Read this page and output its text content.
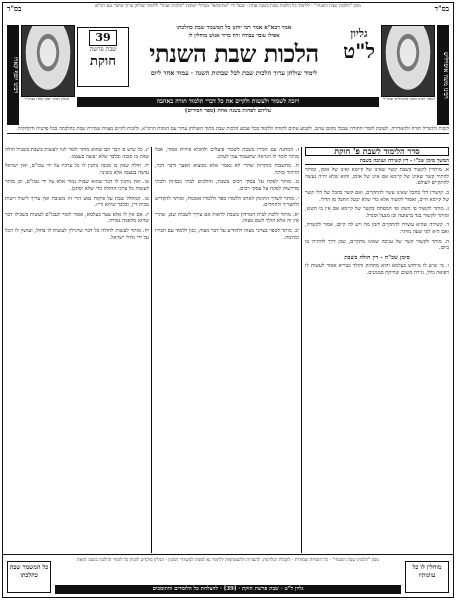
בס"ד
בס"ד	מכון "הלכות שבת השנתי" - ללימוד כל הלכות שבת בשנה אחת · שעל ידי "מתיבתא" מגורלי ישיבת "הלכות שבת" ללימוד שולחן ערוך מחבר עם רמ"א
רבינו משה איסרליש
רבינו יוסף קארו
הגאון רבינו משה איסרליש זצוק"ל
הגאון רבינו יוסף קארו זצוק"ל
גליון
ל"ט
39
שבת פרשת
חוקת
אמר רבא"א אמר רבי יוחנן כל המשמר שבת כהלכתו
אפילו עובד עבודה זרה כדור אנוש מוחלין לו
הלכות שבת השנתי
לימוד שולחן ערוך הלכות שבת לכל שבתות השנה · עמוד אחד ליום
ויזכה לשמור ולעשות ולקיים את כל דברי תלמוד תורה באהבה
עליהם לפחות בשנה אחת (ספר חסידים)
לזכות ולהגדיל תורה ולהאדירה, לטובת לומדי התורה שבכל מקום שהם, לקבוע עתים לתורה וללמוד בכל שבוע הלכות שבת מתוך השולחן ערוך עם הגהות הרמ"א, ולזכות לקיים מצוות שמירת שבת כהלכתה בכל פרטיה ודקדוקיה.
סדר הלימוד לשבת פ' חוקת
המשך סימן שכ"ז - דין קשירה ועניבה בשבת
א. מותרין לקשור בשבת קשר שאינו של קיימא ואינו של אומן, ומותר להתיר קשר שאינו של קיימא אם אינו של אומן, והוא שלא יהיה נעשה להתקיים לעולם.
ב. קושרין דלי בחבל שאינו עשוי להתקיים, ואם קשר בחבל של דלי קשר של קיימא חייב, ואסור לקשור אלא כדי שלא יבטל החבל מן הדלי.
ג. מותר לקשור פי השק ופי המפתח בקשר של קיימא אם אין בו חשש, ומותר לקשור בגד ברצועה וכן מנעל וסנדל.
ד. קשירה שהיא עשויה להתקיים לזמן מה ויש לה קיום, אסור לקשרה, ואם היא לפי שעה מותר.
ה. מותר לקשור קשר של עניבה שאינו מתקיים, שכן דרך להתירו בו ביום.
סימן שכ"ח - דין חולה בשבת
ו. מי שיש לו מיחוש בעלמא והוא מתחזק והולך כבריא אסור לעשות לו רפואה כלל, גזירה משום שחיקת סממנים.
ז. המתנה עם חבירו בשבת לשכור פועלים ולהביא פירות אסור, אבל מותר לומר לו הנראה שתעמוד עמי לערב.
ח. מחשבות מותרות שהרי לא נאמר אלא ממצוא חפצך ודבר דבר, הרהור מותר.
ט. מותר לפקח על עסקי רבים בשבת, והולכים לבתי כנסיות ולבתי מדרשות לפקח על עסקי רבים.
י. מותר לשדך התינוק לארס וללמדו ספר וללמדו אומנות, ומותר להקדיש ולהעריך ולהחרים.
יא. מותר ללכת לבית המרחץ בשבת לראות אם צריך לשבות שם, שהרי אין זה אלא הולך לשם מצוה.
יב. מותר לספר בצרכי מצוה ולהודיע על דבר מצוה, כגון ללמוד עם חבירו וכדומה.
יג. כל שיש בו דבר תם שהוא מותר לומר לגוי לעשות בשבת בשביל חולה שאין בו סכנה ובלבד שלא יעשה בעצמו.
יד. חולה שאין בו סכנה נותנין לו כל צרכיו על ידי עכו"ם, ואין ישראל עושה בעצמו אלא בשינוי.
טו. ואין נותנין לו דבר שהוא שבות גמור אלא על ידי עכו"ם, וכן מותר לעשות כל צרכי החולה כדי שלא יסתכן.
טז. המחלל שבת על פיקוח נפש הרי זה משובח ואין צריך ליטול רשות מבית דין, ובלבד שיהא זריז.
יז. אם אין לו אלא צער בעלמא, אסור לומר לעכו"ם לעשות בשבילו דבר שהוא מלאכה גמורה.
יח. מותר לעשות לחולה כל דבר שרגילין לעשות לו בחול, ועושין לו הכל על ידי גדולי ישראל.
מוחלין לו כל עוונותיו
כל המשמר שבת כהלכתו
מכון "הלכות שבת השנתי" · כל הזכויות שמורות · לקבלת הגליונות, להערות ולהצטרפות ללימוד נא לפנות למשרדי המכון · הגליון מוקדש לזכות כל לומדי ההלכה בשנה הזאת
גליון ל"ט · שבת פרשת חוקת · [39] · להצלחת כל הלומדים והתומכים
